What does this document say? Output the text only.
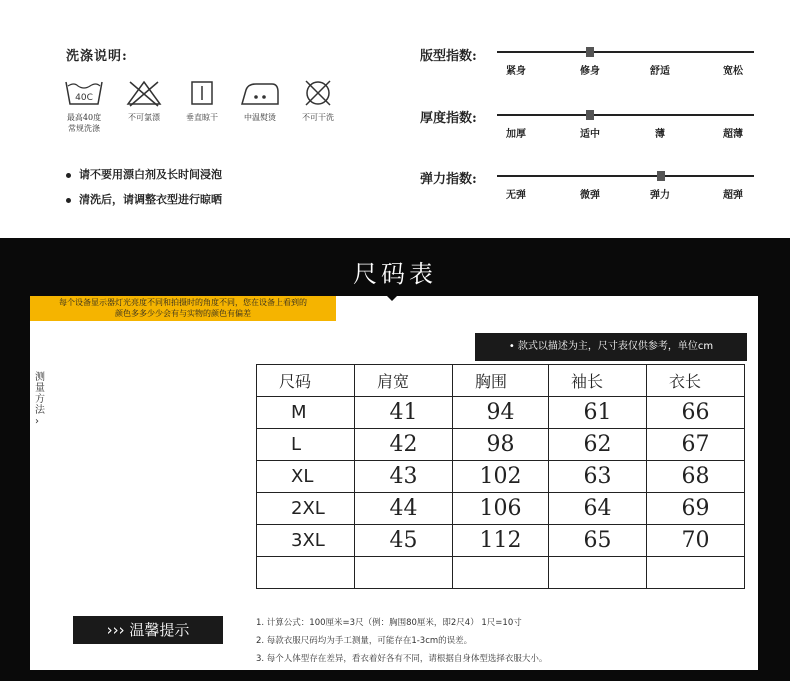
洗涤说明:
40C
最高40度
常规洗涤
不可氯漂	垂直晾干	中温熨烫	不可干洗
请不要用漂白剂及长时间浸泡
清洗后，请调整衣型进行晾晒
版型指数:
紧身	修身	舒适	宽松
厚度指数:
加厚	适中	薄	超薄
弹力指数:
无弹	微弹	弹力	超弹
尺码表
每个设备显示器灯光亮度不同和拍摄时的角度不同，您在设备上看到的
颜色多多少少会有与实物的颜色有偏差
• 款式以描述为主，尺寸表仅供参考，单位cm
测量方法
›
尺码	肩宽	胸围	袖长	衣长
M	41	94	61	66
L	42	98	62	67
XL	43	102	63	68
2XL	44	106	64	69
3XL	45	112	65	70

››› 温馨提示	1. 计算公式：100厘米=3尺（例：胸围80厘米，即2尺4） 1尺=10寸
2. 每款衣服尺码均为手工测量，可能存在1-3cm的误差。
3. 每个人体型存在差异，看衣着好各有不同，请根据自身体型选择衣服大小。
